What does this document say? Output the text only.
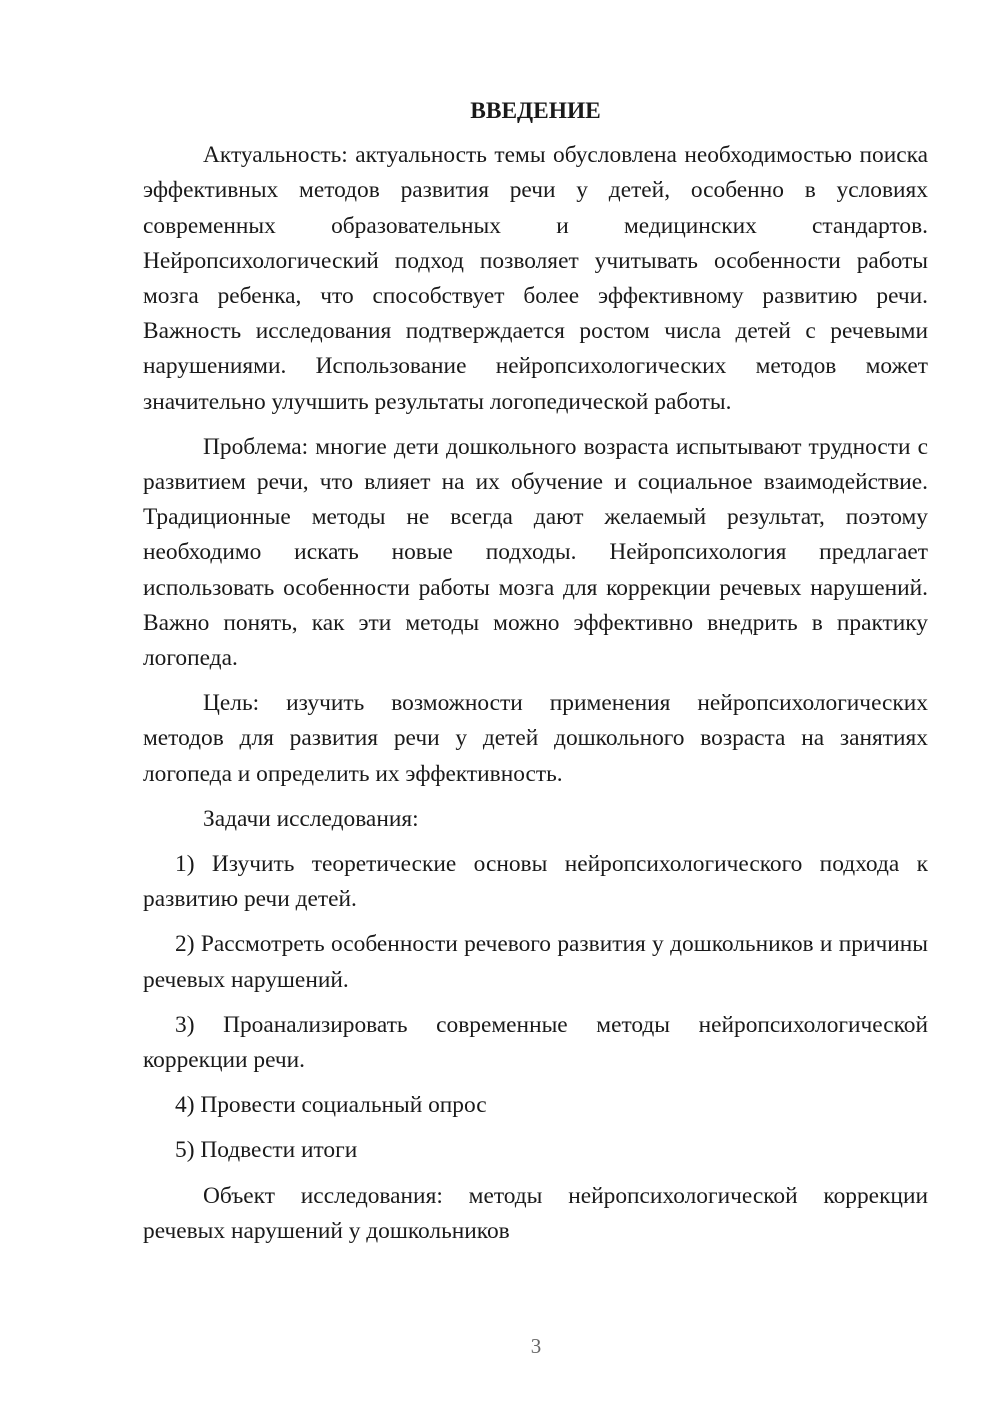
ВВЕДЕНИЕ

Актуальность: актуальность темы обусловлена необходимостью поиска эффективных методов развития речи у детей, особенно в условиях современных образовательных и медицинских стандартов. Нейропсихологический подход позволяет учитывать особенности работы мозга ребенка, что способствует более эффективному развитию речи. Важность исследования подтверждается ростом числа детей с речевыми нарушениями. Использование нейропсихологических методов может значительно улучшить результаты логопедической работы.

Проблема: многие дети дошкольного возраста испытывают трудности с развитием речи, что влияет на их обучение и социальное взаимодействие. Традиционные методы не всегда дают желаемый результат, поэтому необходимо искать новые подходы. Нейропсихология предлагает использовать особенности работы мозга для коррекции речевых нарушений. Важно понять, как эти методы можно эффективно внедрить в практику логопеда.

Цель: изучить возможности применения нейропсихологических методов для развития речи у детей дошкольного возраста на занятиях логопеда и определить их эффективность.

Задачи исследования:

1) Изучить теоретические основы нейропсихологического подхода к развитию речи детей.

2) Рассмотреть особенности речевого развития у дошкольников и причины речевых нарушений.

3) Проанализировать современные методы нейропсихологической коррекции речи.

4) Провести социальный опрос

5) Подвести итоги

Объект исследования: методы нейропсихологической коррекции речевых нарушений у дошкольников

3
